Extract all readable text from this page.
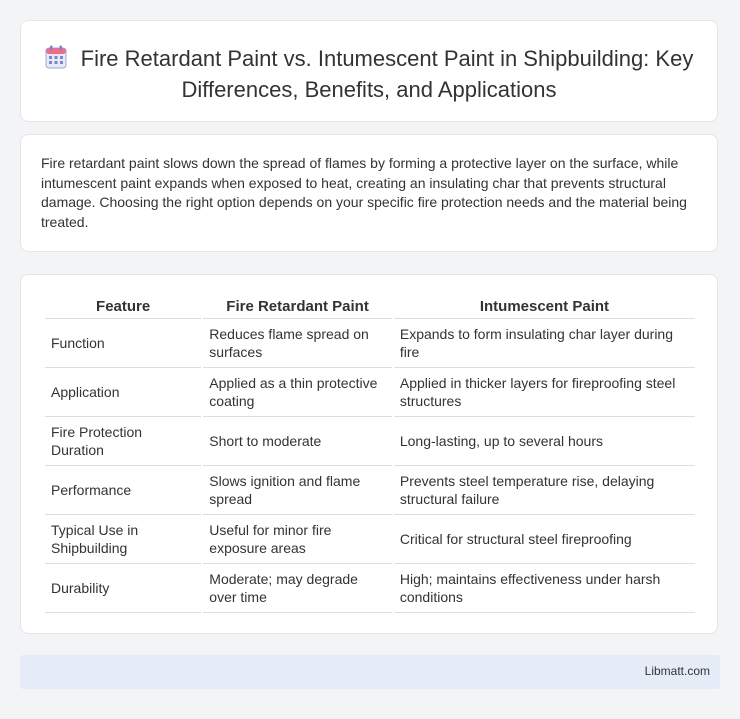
Fire Retardant Paint vs. Intumescent Paint in Shipbuilding: Key Differences, Benefits, and Applications

Fire retardant paint slows down the spread of flames by forming a protective layer on the surface, while intumescent paint expands when exposed to heat, creating an insulating char that prevents structural damage. Choosing the right option depends on your specific fire protection needs and the material being treated.

Feature	Fire Retardant Paint	Intumescent Paint
Function	Reduces flame spread on surfaces	Expands to form insulating char layer during fire
Application	Applied as a thin protective coating	Applied in thicker layers for fireproofing steel structures
Fire Protection Duration	Short to moderate	Long-lasting, up to several hours
Performance	Slows ignition and flame spread	Prevents steel temperature rise, delaying structural failure
Typical Use in Shipbuilding	Useful for minor fire exposure areas	Critical for structural steel fireproofing
Durability	Moderate; may degrade over time	High; maintains effectiveness under harsh conditions
Libmatt.com
